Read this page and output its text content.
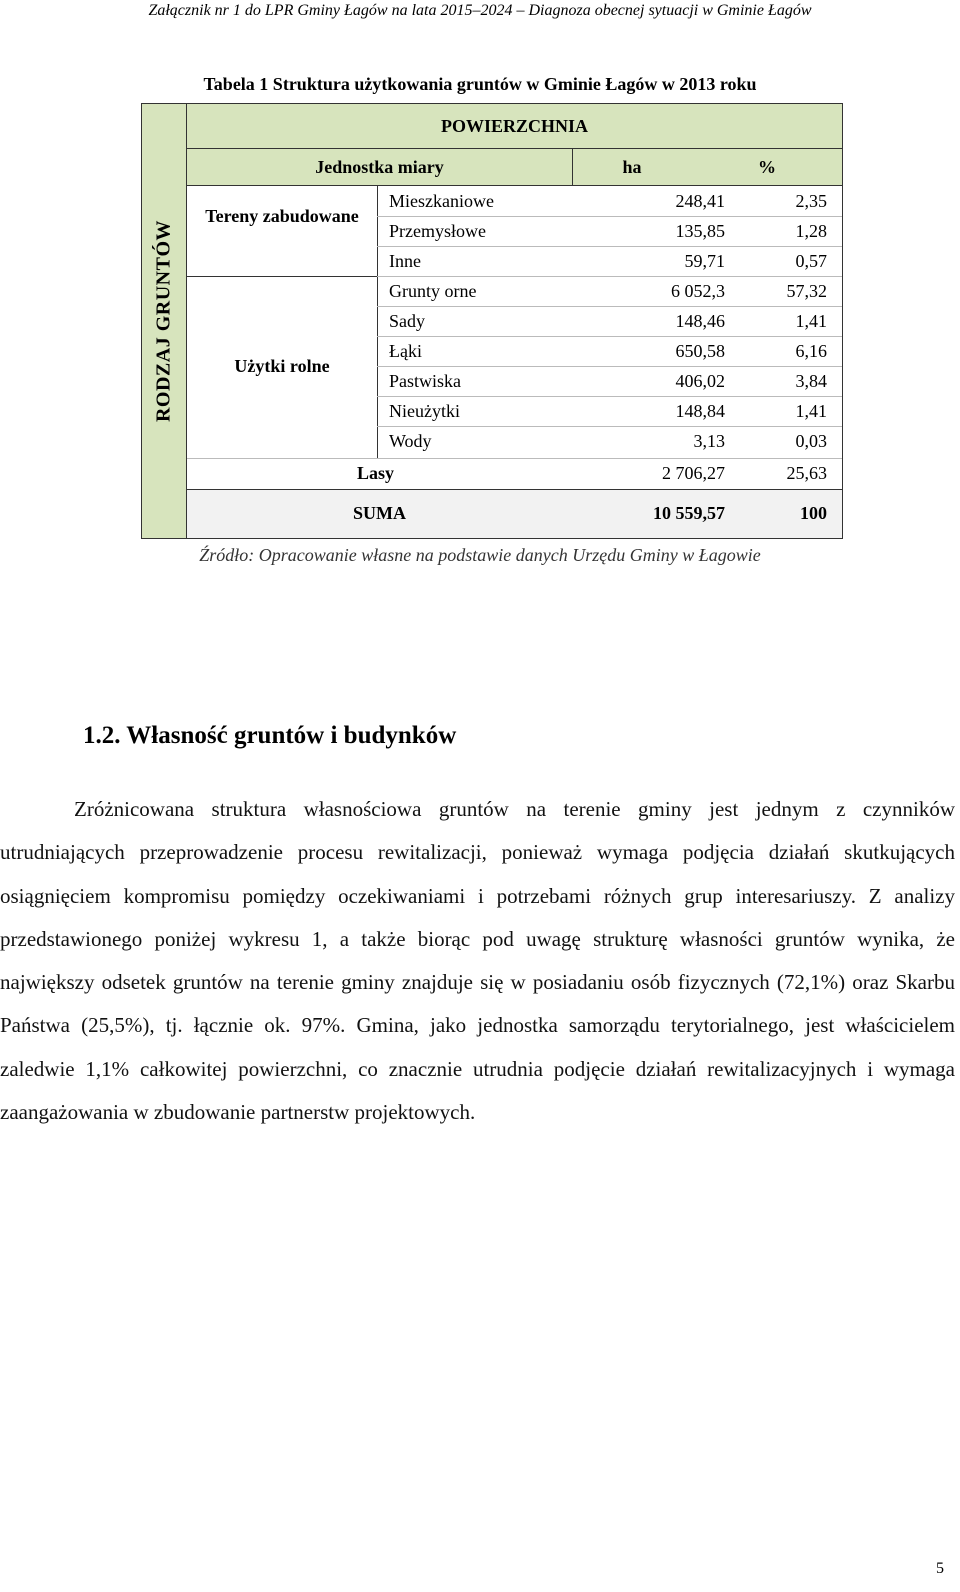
Załącznik nr 1 do LPR Gminy Łagów na lata 2015–2024 – Diagnoza obecnej sytuacji w Gminie Łagów
Tabela 1 Struktura użytkowania gruntów w Gminie Łagów w 2013 roku
RODZAJ GRUNTÓW
POWIERZCHNIA
Jednostka miary	ha	%
Tereny zabudowane
Użytki rolne
Mieszkaniowe	248,41	2,35
Przemysłowe	135,85	1,28
Inne	59,71	0,57
Grunty orne	6 052,3	57,32
Sady	148,46	1,41
Łąki	650,58	6,16
Pastwiska	406,02	3,84
Nieużytki	148,84	1,41
Wody	3,13	0,03
Lasy	2 706,27	25,63
SUMA	10 559,57	100
Źródło: Opracowanie własne na podstawie danych Urzędu Gminy w Łagowie
1.2. Własność gruntów i budynków
Zróżnicowana struktura własnościowa gruntów na terenie gminy jest jednym z czynników utrudniających przeprowadzenie procesu rewitalizacji, ponieważ wymaga podjęcia działań skutkujących osiągnięciem kompromisu pomiędzy oczekiwaniami i potrzebami różnych grup interesariuszy. Z analizy przedstawionego poniżej wykresu 1, a także biorąc pod uwagę strukturę własności gruntów wynika, że największy odsetek gruntów na terenie gminy znajduje się w posiadaniu osób fizycznych (72,1%) oraz Skarbu Państwa (25,5%), tj. łącznie ok. 97%. Gmina, jako jednostka samorządu terytorialnego, jest właścicielem zaledwie 1,1% całkowitej powierzchni, co znacznie utrudnia podjęcie działań rewitalizacyjnych i wymaga zaangażowania w zbudowanie partnerstw projektowych.
5
